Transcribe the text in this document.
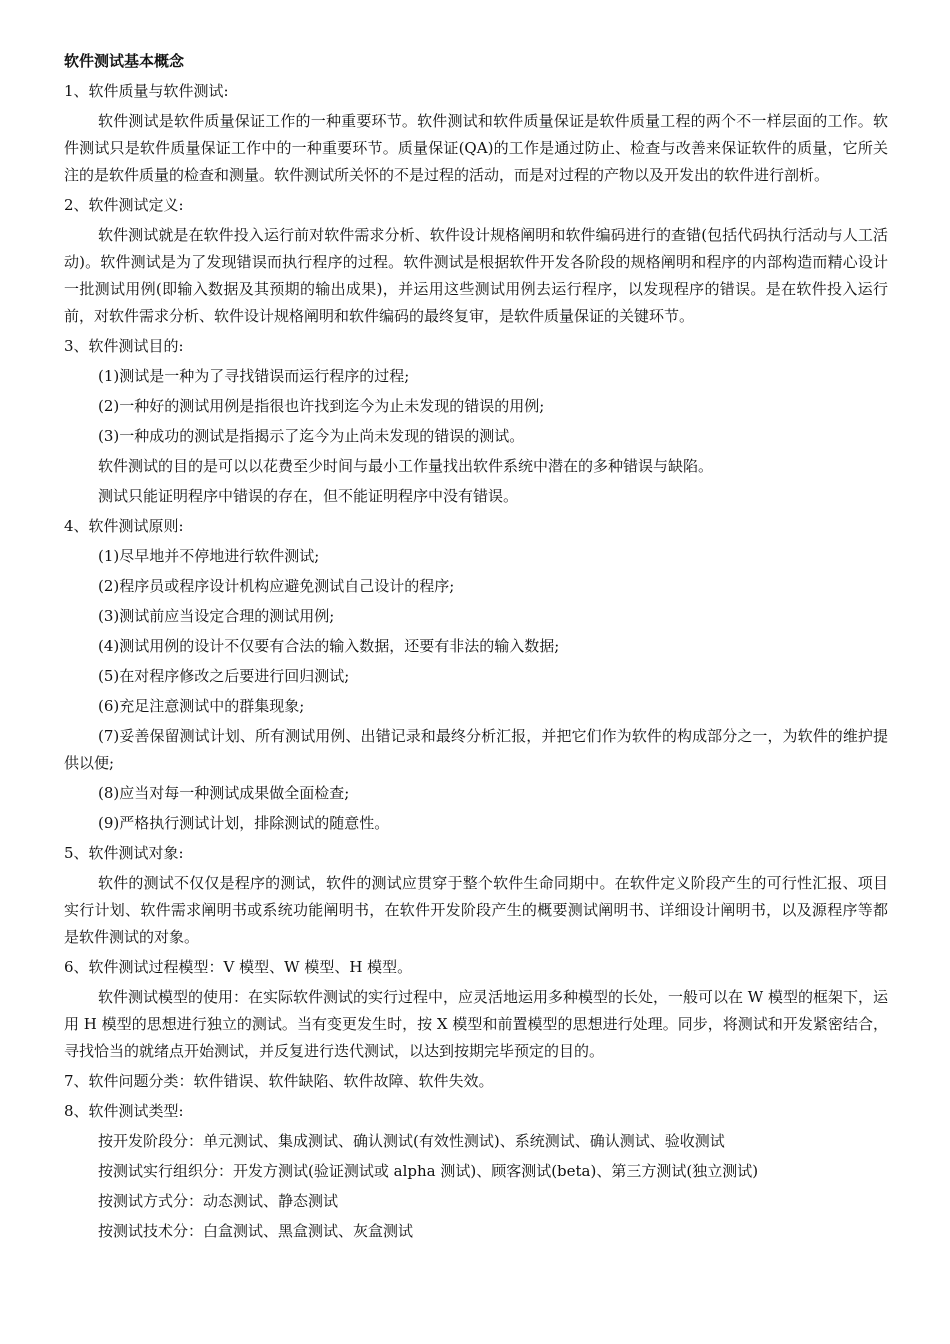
软件测试基本概念
1、软件质量与软件测试:
软件测试是软件质量保证工作的一种重要环节。软件测试和软件质量保证是软件质量工程的两个不一样层面的工作。软件测试只是软件质量保证工作中的一种重要环节。质量保证(QA)的工作是通过防止、检查与改善来保证软件的质量，它所关注的是软件质量的检查和测量。软件测试所关怀的不是过程的活动，而是对过程的产物以及开发出的软件进行剖析。
2、软件测试定义:
软件测试就是在软件投入运行前对软件需求分析、软件设计规格阐明和软件编码进行的查错(包括代码执行活动与人工活动)。软件测试是为了发现错误而执行程序的过程。软件测试是根据软件开发各阶段的规格阐明和程序的内部构造而精心设计一批测试用例(即输入数据及其预期的输出成果)，并运用这些测试用例去运行程序，以发现程序的错误。是在软件投入运行前，对软件需求分析、软件设计规格阐明和软件编码的最终复审，是软件质量保证的关键环节。
3、软件测试目的:
(1)测试是一种为了寻找错误而运行程序的过程;
(2)一种好的测试用例是指很也许找到迄今为止未发现的错误的用例;
(3)一种成功的测试是指揭示了迄今为止尚未发现的错误的测试。
软件测试的目的是可以以花费至少时间与最小工作量找出软件系统中潜在的多种错误与缺陷。
测试只能证明程序中错误的存在，但不能证明程序中没有错误。
4、软件测试原则:
(1)尽早地并不停地进行软件测试;
(2)程序员或程序设计机构应避免测试自己设计的程序;
(3)测试前应当设定合理的测试用例;
(4)测试用例的设计不仅要有合法的输入数据，还要有非法的输入数据;
(5)在对程序修改之后要进行回归测试;
(6)充足注意测试中的群集现象;
(7)妥善保留测试计划、所有测试用例、出错记录和最终分析汇报，并把它们作为软件的构成部分之一，为软件的维护提供以便;
(8)应当对每一种测试成果做全面检查;
(9)严格执行测试计划，排除测试的随意性。
5、软件测试对象:
软件的测试不仅仅是程序的测试，软件的测试应贯穿于整个软件生命同期中。在软件定义阶段产生的可行性汇报、项目实行计划、软件需求阐明书或系统功能阐明书，在软件开发阶段产生的概要测试阐明书、详细设计阐明书，以及源程序等都是软件测试的对象。
6、软件测试过程模型：V 模型、W 模型、H 模型。
软件测试模型的使用：在实际软件测试的实行过程中，应灵活地运用多种模型的长处，一般可以在 W 模型的框架下，运用 H 模型的思想进行独立的测试。当有变更发生时，按 X 模型和前置模型的思想进行处理。同步，将测试和开发紧密结合，寻找恰当的就绪点开始测试，并反复进行迭代测试，以达到按期完毕预定的目的。
7、软件问题分类：软件错误、软件缺陷、软件故障、软件失效。
8、软件测试类型:
按开发阶段分：单元测试、集成测试、确认测试(有效性测试)、系统测试、确认测试、验收测试
按测试实行组织分：开发方测试(验证测试或 alpha 测试)、顾客测试(beta)、第三方测试(独立测试)
按测试方式分：动态测试、静态测试
按测试技术分：白盒测试、黑盒测试、灰盒测试
